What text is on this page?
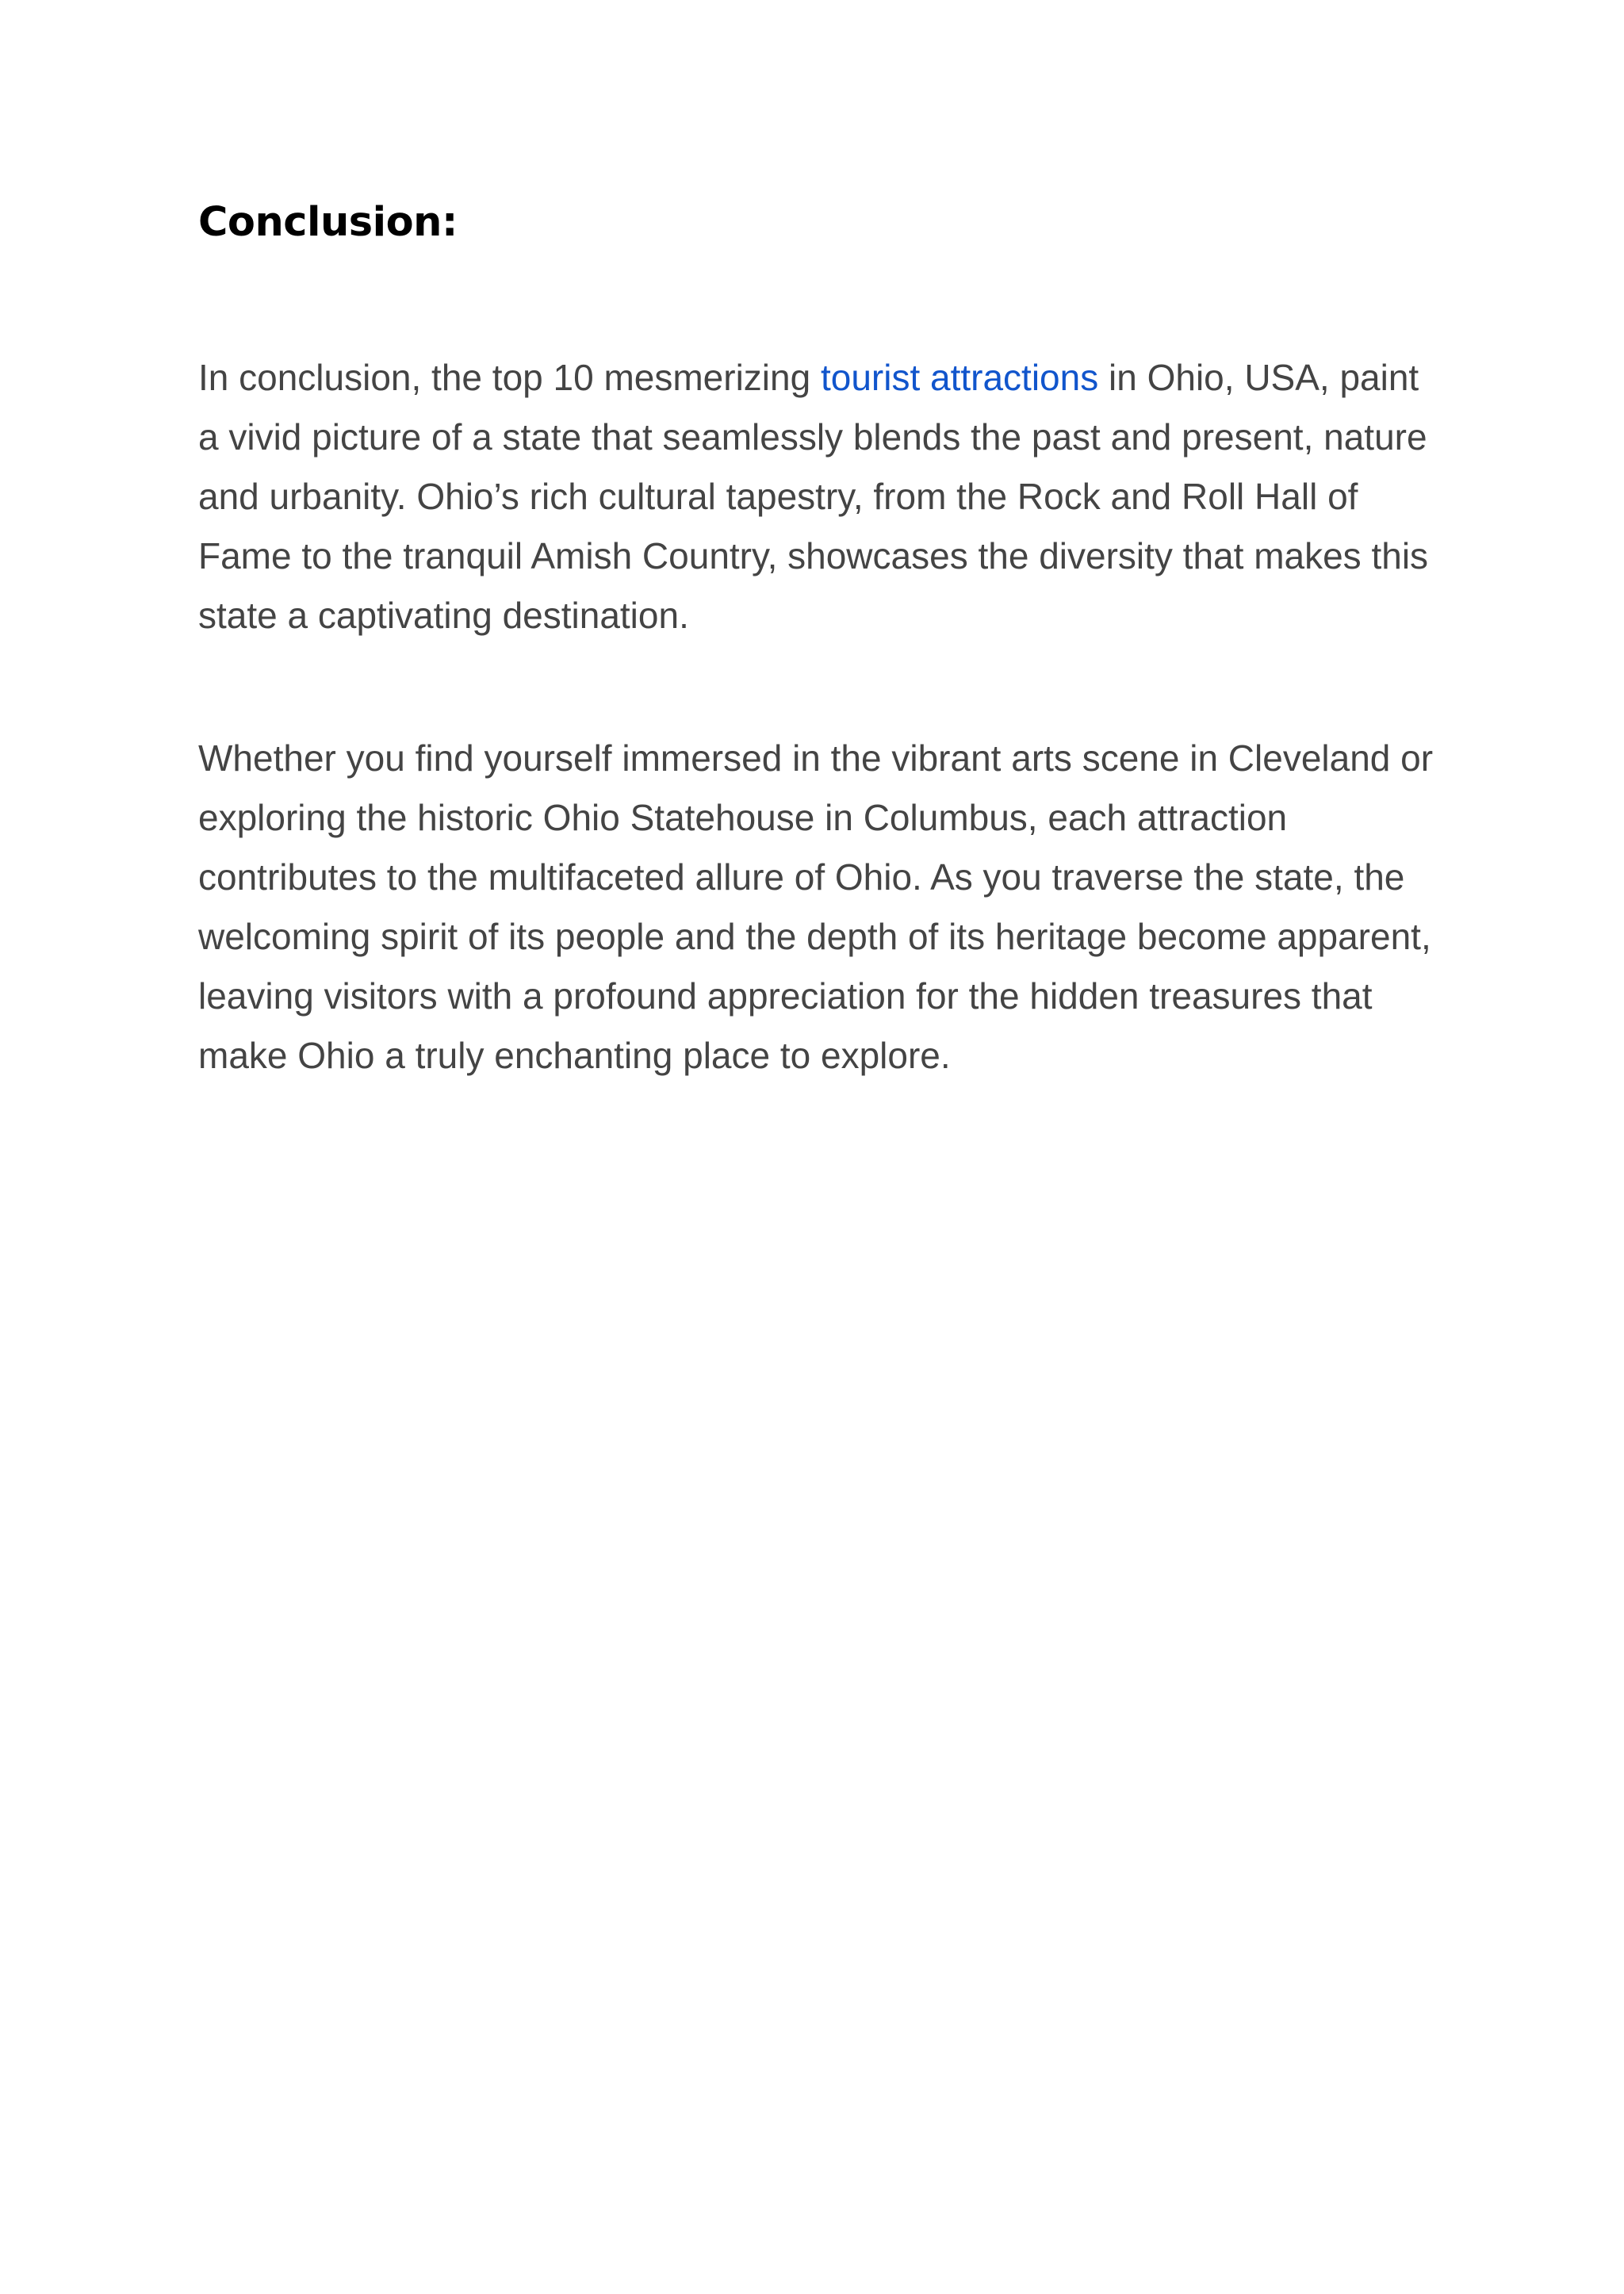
Conclusion:

In conclusion, the top 10 mesmerizing tourist attractions in Ohio, USA, paint a vivid picture of a state that seamlessly blends the past and present, nature and urbanity. Ohio’s rich cultural tapestry, from the Rock and Roll Hall of Fame to the tranquil Amish Country, showcases the diversity that makes this state a captivating destination.

Whether you find yourself immersed in the vibrant arts scene in Cleveland or exploring the historic Ohio Statehouse in Columbus, each attraction contributes to the multifaceted allure of Ohio. As you traverse the state, the welcoming spirit of its people and the depth of its heritage become apparent, leaving visitors with a profound appreciation for the hidden treasures that make Ohio a truly enchanting place to explore.
